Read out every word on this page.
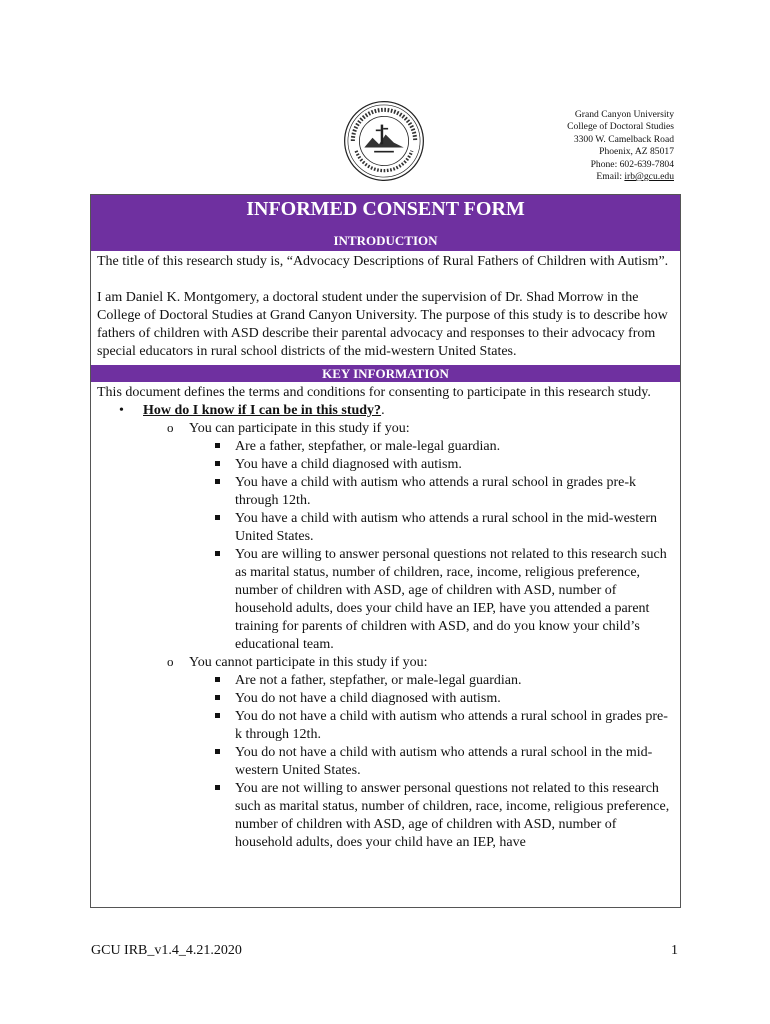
Grand Canyon University
College of Doctoral Studies
3300 W. Camelback Road
Phoenix, AZ 85017
Phone: 602-639-7804
Email: irb@gcu.edu
INFORMED CONSENT FORM
INTRODUCTION

The title of this research study is, “Advocacy Descriptions of Rural Fathers of Children with Autism”.

I am Daniel K. Montgomery, a doctoral student under the supervision of Dr. Shad Morrow in the College of Doctoral Studies at Grand Canyon University. The purpose of this study is to describe how fathers of children with ASD describe their parental advocacy and responses to their advocacy from special educators in rural school districts of the mid-western United States.

KEY INFORMATION

This document defines the terms and conditions for consenting to participate in this research study.

• How do I know if I can be in this study?.
o You can participate in this study if you:
Are a father, stepfather, or male-legal guardian.
You have a child diagnosed with autism.
You have a child with autism who attends a rural school in grades pre-k through 12th.
You have a child with autism who attends a rural school in the mid-western United States.
You are willing to answer personal questions not related to this research such as marital status, number of children, race, income, religious preference, number of children with ASD, age of children with ASD, number of household adults, does your child have an IEP, have you attended a parent training for parents of children with ASD, and do you know your child’s educational team.
o You cannot participate in this study if you:
Are not a father, stepfather, or male-legal guardian.
You do not have a child diagnosed with autism.
You do not have a child with autism who attends a rural school in grades pre-k through 12th.
You do not have a child with autism who attends a rural school in the mid-western United States.
You are not willing to answer personal questions not related to this research such as marital status, number of children, race, income, religious preference, number of children with ASD, age of children with ASD, number of household adults, does your child have an IEP, have
GCU IRB_v1.4_4.21.2020	1
